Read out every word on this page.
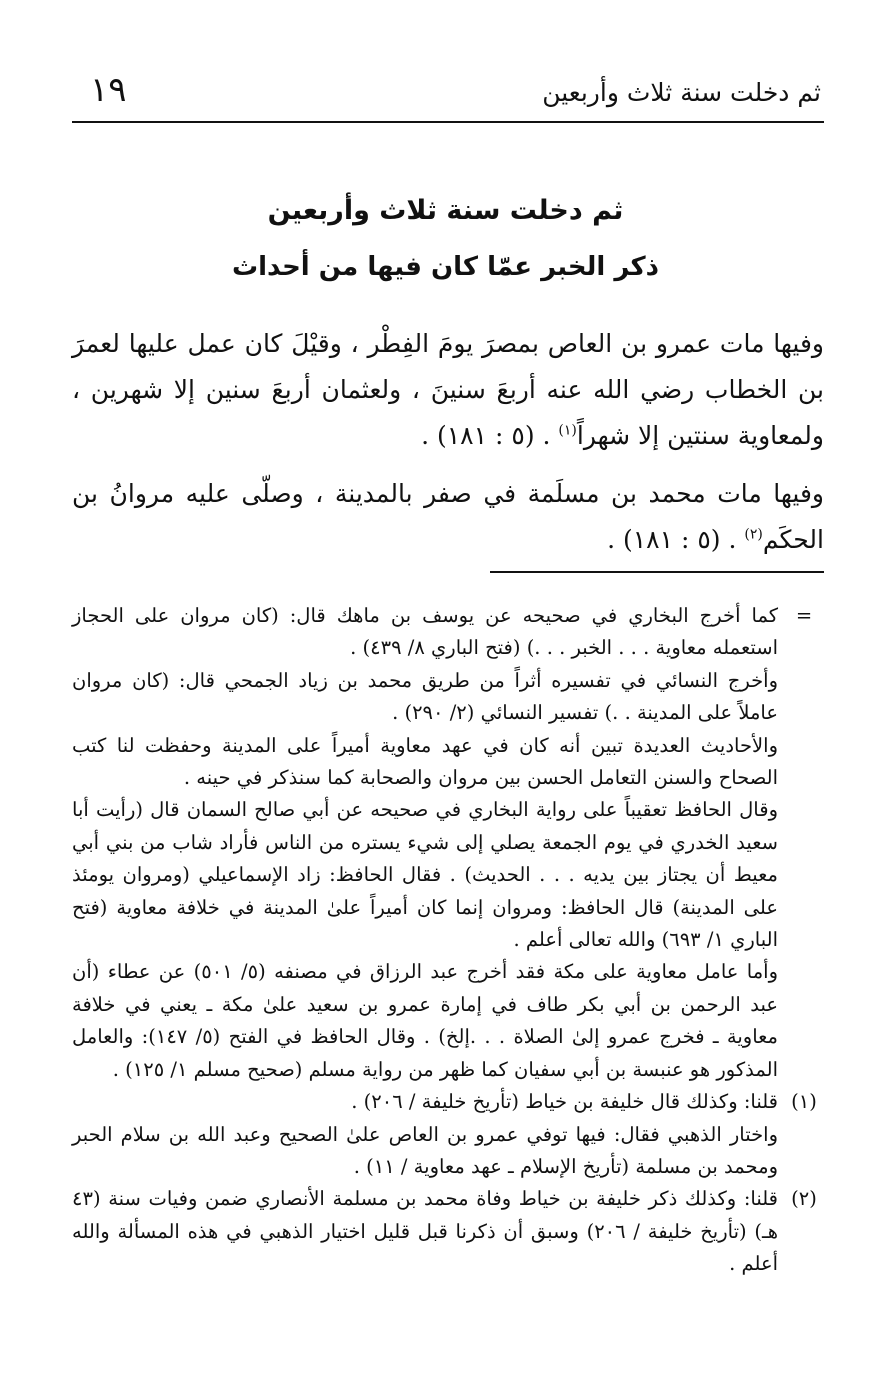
ثم دخلت سنة ثلاث وأربعين
١٩
ثم دخلت سنة ثلاث وأربعين
ذكر الخبر عمّا كان فيها من أحداث

وفيها مات عمرو بن العاص بمصرَ يومَ الفِطْر ، وقيْلَ كان عمل عليها لعمرَ بن الخطاب رضي الله عنه أربعَ سنينَ ، ولعثمان أربعَ سنين إلا شهرين ، ولمعاوية سنتين إلا شهراً$^{(١)}$ . (٥ : ١٨١) .

وفيها مات محمد بن مسلَمة في صفر بالمدينة ، وصلّى عليه مروانُ بن الحكَم$^{(٢)}$ . (٥ : ١٨١) .

=
كما أخرج البخاري في صحيحه عن يوسف بن ماهك قال: (كان مروان على الحجاز استعمله معاوية . . . الخبر . . .) (فتح الباري ٨/ ٤٣٩) .

وأخرج النسائي في تفسيره أثراً من طريق محمد بن زياد الجمحي قال: (كان مروان عاملاً على المدينة . .) تفسير النسائي (٢/ ٢٩٠) .

والأحاديث العديدة تبين أنه كان في عهد معاوية أميراً على المدينة وحفظت لنا كتب الصحاح والسنن التعامل الحسن بين مروان والصحابة كما سنذكر في حينه .

وقال الحافظ تعقيباً على رواية البخاري في صحيحه عن أبي صالح السمان قال (رأيت أبا سعيد الخدري في يوم الجمعة يصلي إلى شيء يستره من الناس فأراد شاب من بني أبي معيط أن يجتاز بين يديه . . . الحديث) . فقال الحافظ: زاد الإسماعيلي (ومروان يومئذ على المدينة) قال الحافظ: ومروان إنما كان أميراً علىٰ المدينة في خلافة معاوية (فتح الباري ١/ ٦٩٣) والله تعالى أعلم .

وأما عامل معاوية على مكة فقد أخرج عبد الرزاق في مصنفه (٥/ ٥٠١) عن عطاء (أن عبد الرحمن بن أبي بكر طاف في إمارة عمرو بن سعيد علىٰ مكة ـ يعني في خلافة معاوية ـ فخرج عمرو إلىٰ الصلاة . . .إلخ) . وقال الحافظ في الفتح (٥/ ١٤٧): والعامل المذكور هو عنبسة بن أبي سفيان كما ظهر من رواية مسلم (صحيح مسلم ١/ ١٢٥) .

(١)
قلنا: وكذلك قال خليفة بن خياط (تأريخ خليفة / ٢٠٦) .

واختار الذهبي فقال: فيها توفي عمرو بن العاص علىٰ الصحيح وعبد الله بن سلام الحبر ومحمد بن مسلمة (تأريخ الإسلام ـ عهد معاوية / ١١) .

(٢)
قلنا: وكذلك ذكر خليفة بن خياط وفاة محمد بن مسلمة الأنصاري ضمن وفيات سنة (٤٣ هـ) (تأريخ خليفة / ٢٠٦) وسبق أن ذكرنا قبل قليل اختيار الذهبي في هذه المسألة والله أعلم .
